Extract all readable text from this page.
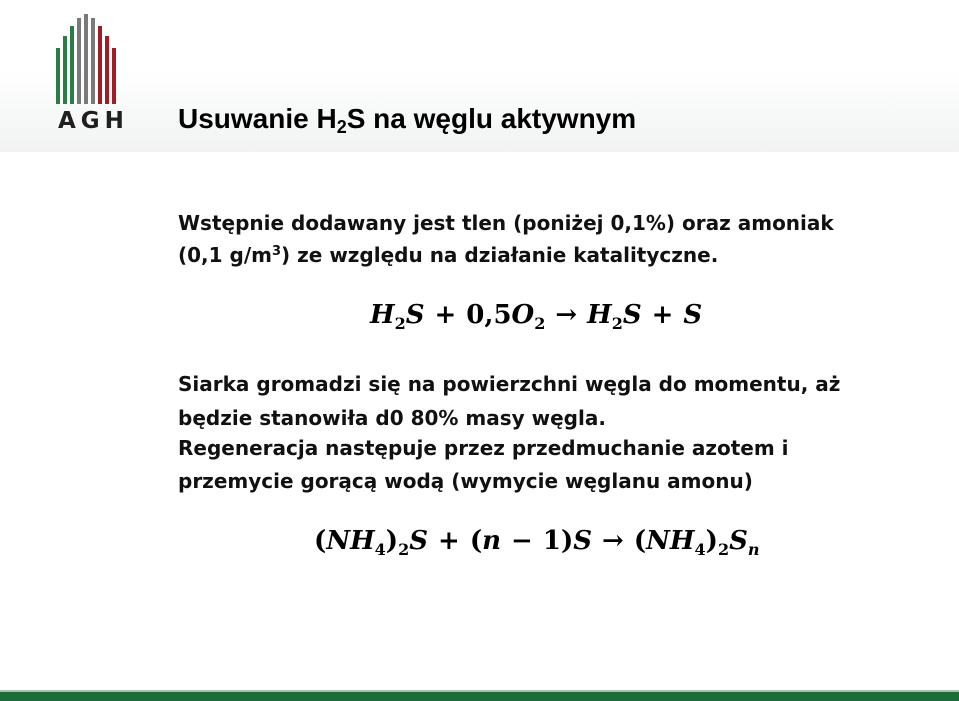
AGH Usuwanie $H_2S$ na węglu aktywnym
Wstępnie dodawany jest tlen (poniżej 0,1%) oraz amoniak
(0,1 $g/m^3$) ze względu na działanie katalityczne.
$H_2S + 0,5O_2 \to H_2S + S$
Siarka gromadzi się na powierzchni węgla do momentu, aż
będzie stanowiła d0 80% masy węgla.
Regeneracja następuje przez przedmuchanie azotem i
przemycie gorącą wodą (wymycie węglanu amonu)
$(NH_4)_2S + (n - 1)S \to (NH_4)_2S_n$
